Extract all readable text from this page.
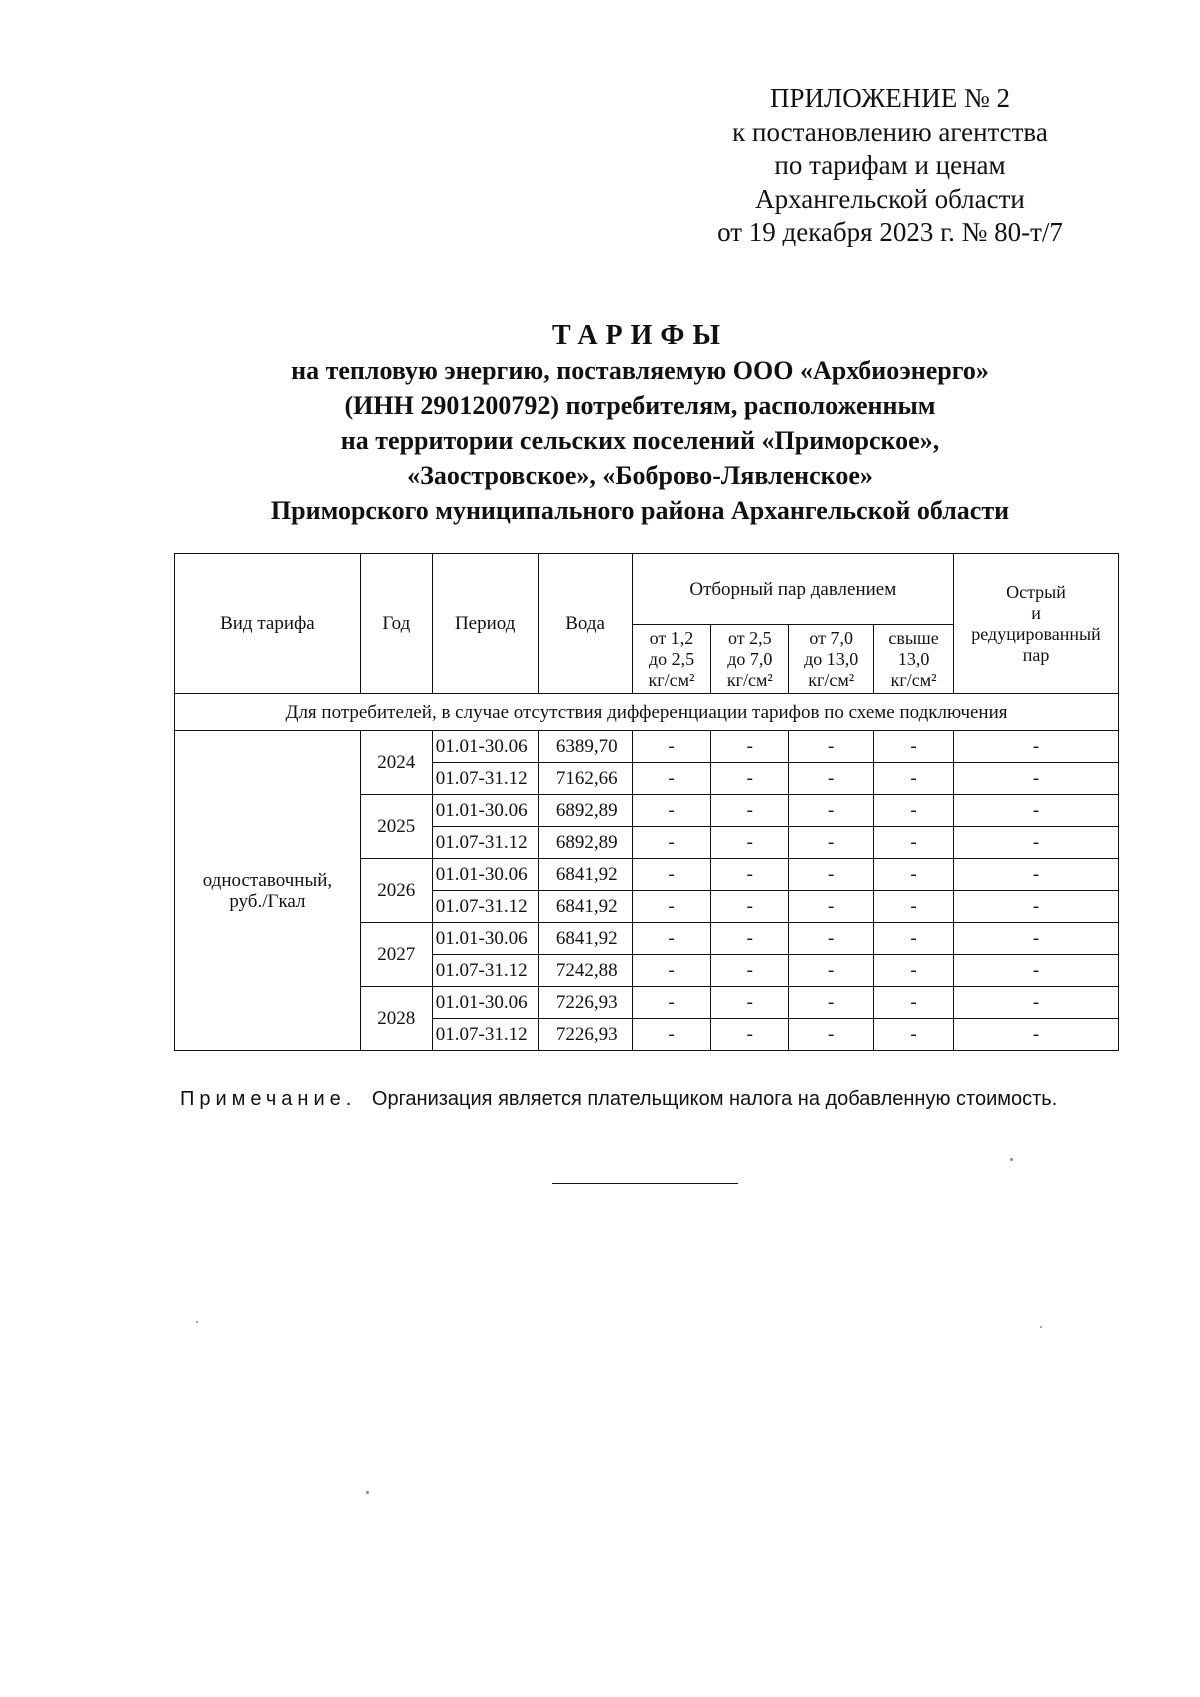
ПРИЛОЖЕНИЕ № 2
к постановлению агентства
по тарифам и ценам
Архангельской области
от 19 декабря 2023 г. № 80-т/7
ТАРИФЫ
на тепловую энергию, поставляемую ООО «Архбиоэнерго»
(ИНН 2901200792) потребителям, расположенным
на территории сельских поселений «Приморское»,
«Заостровское», «Боброво-Лявленское»
Приморского муниципального района Архангельской области
Вид тарифа	Год	Период	Вода	Отборный пар давлением				Острый
и
редуцированный
пар

				от 1,2
до 2,5
кг/см²	от 2,5
до 7,0
кг/см²	от 7,0
до 13,0
кг/см²	свыше
13,0
кг/см²	

Для потребителей, в случае отсутствия дифференциации тарифов по схеме подключения								

одноставочный,
руб./Гкал	2024	01.01-30.06	6389,70	-	-	-	-	-
		01.07-31.12	7162,66	-	-	-	-	-
	2025	01.01-30.06	6892,89	-	-	-	-	-
		01.07-31.12	6892,89	-	-	-	-	-
	2026	01.01-30.06	6841,92	-	-	-	-	-
		01.07-31.12	6841,92	-	-	-	-	-
	2027	01.01-30.06	6841,92	-	-	-	-	-
		01.07-31.12	7242,88	-	-	-	-	-
	2028	01.01-30.06	7226,93	-	-	-	-	-
		01.07-31.12	7226,93	-	-	-	-	-
Примечание. Организация является плательщиком налога на добавленную стоимость.
